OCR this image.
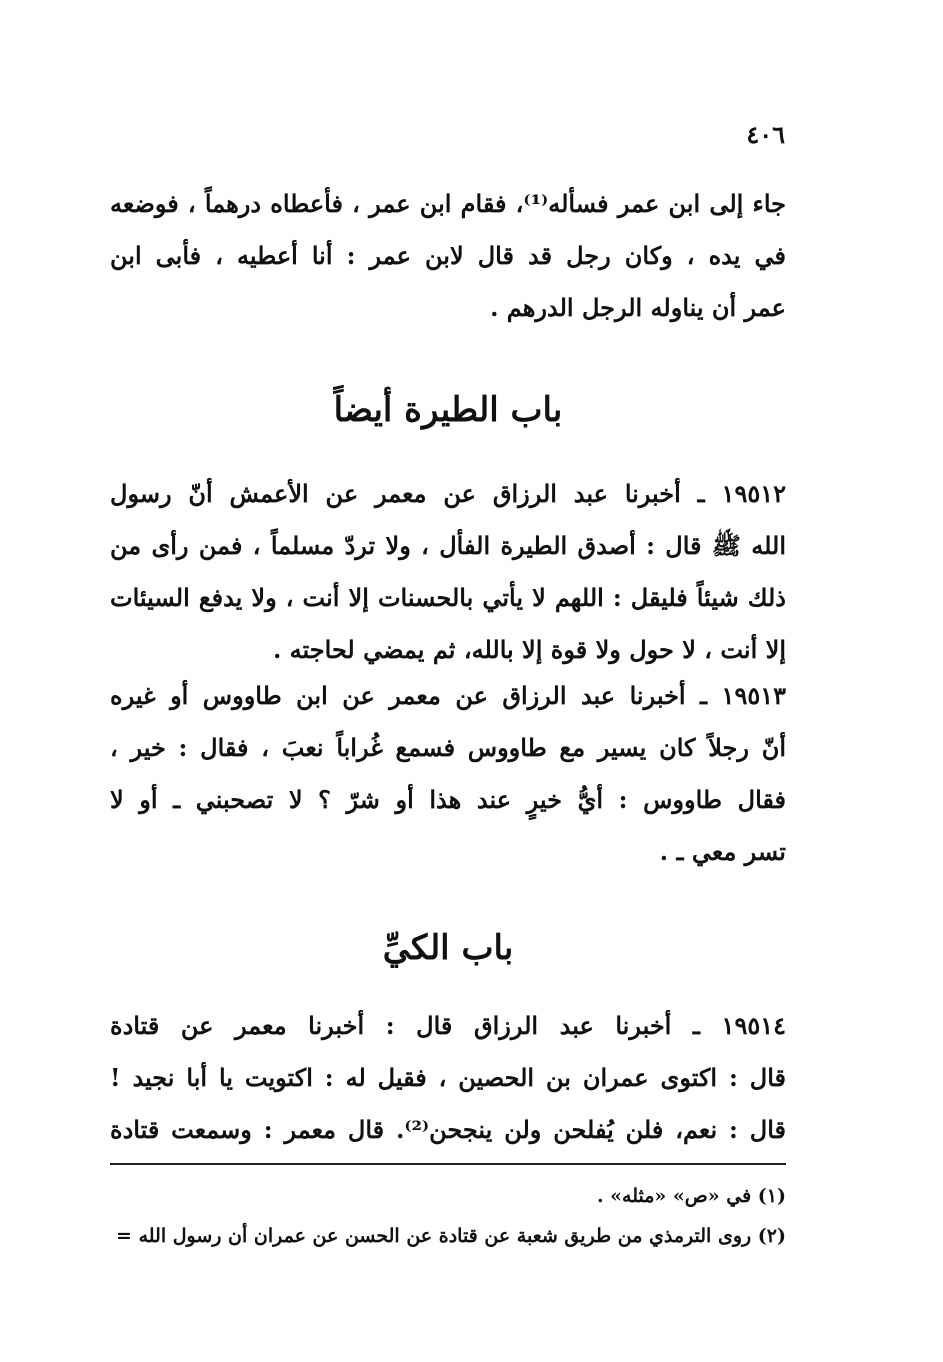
٤٠٦
جاء إلى ابن عمر فسأله⁽¹⁾، فقام ابن عمر ، فأعطاه درهماً ، فوضعه
في يده ، وكان رجل قد قال لابن عمر : أنا أعطيه ، فأبى ابن
عمر أن يناوله الرجل الدرهم .
باب الطيرة أيضاً
١٩٥١٢ ـ أخبرنا عبد الرزاق عن معمر عن الأعمش أنّ رسول
الله ﷺ قال : أصدق الطيرة الفأل ، ولا تردّ مسلماً ، فمن رأى من
ذلك شيئاً فليقل : اللهم لا يأتي بالحسنات إلا أنت ، ولا يدفع السيئات
إلا أنت ، لا حول ولا قوة إلا بالله، ثم يمضي لحاجته .
١٩٥١٣ ـ أخبرنا عبد الرزاق عن معمر عن ابن طاووس أو غيره
أنّ رجلاً كان يسير مع طاووس فسمع غُراباً نعبَ ، فقال : خير ،
فقال طاووس : أيُّ خيرٍ عند هذا أو شرّ ؟ لا تصحبني ـ أو لا
تسر معي ـ .
باب الكيِّ
١٩٥١٤ ـ أخبرنا عبد الرزاق قال : أخبرنا معمر عن قتادة
قال : اكتوى عمران بن الحصين ، فقيل له : اكتويت يا أبا نجيد !
قال : نعم، فلن يُفلحن ولن ينجحن⁽²⁾. قال معمر : وسمعت قتادة
(١) في «ص» «مثله» .
(٢) روى الترمذي من طريق شعبة عن قتادة عن الحسن عن عمران أن رسول الله =
